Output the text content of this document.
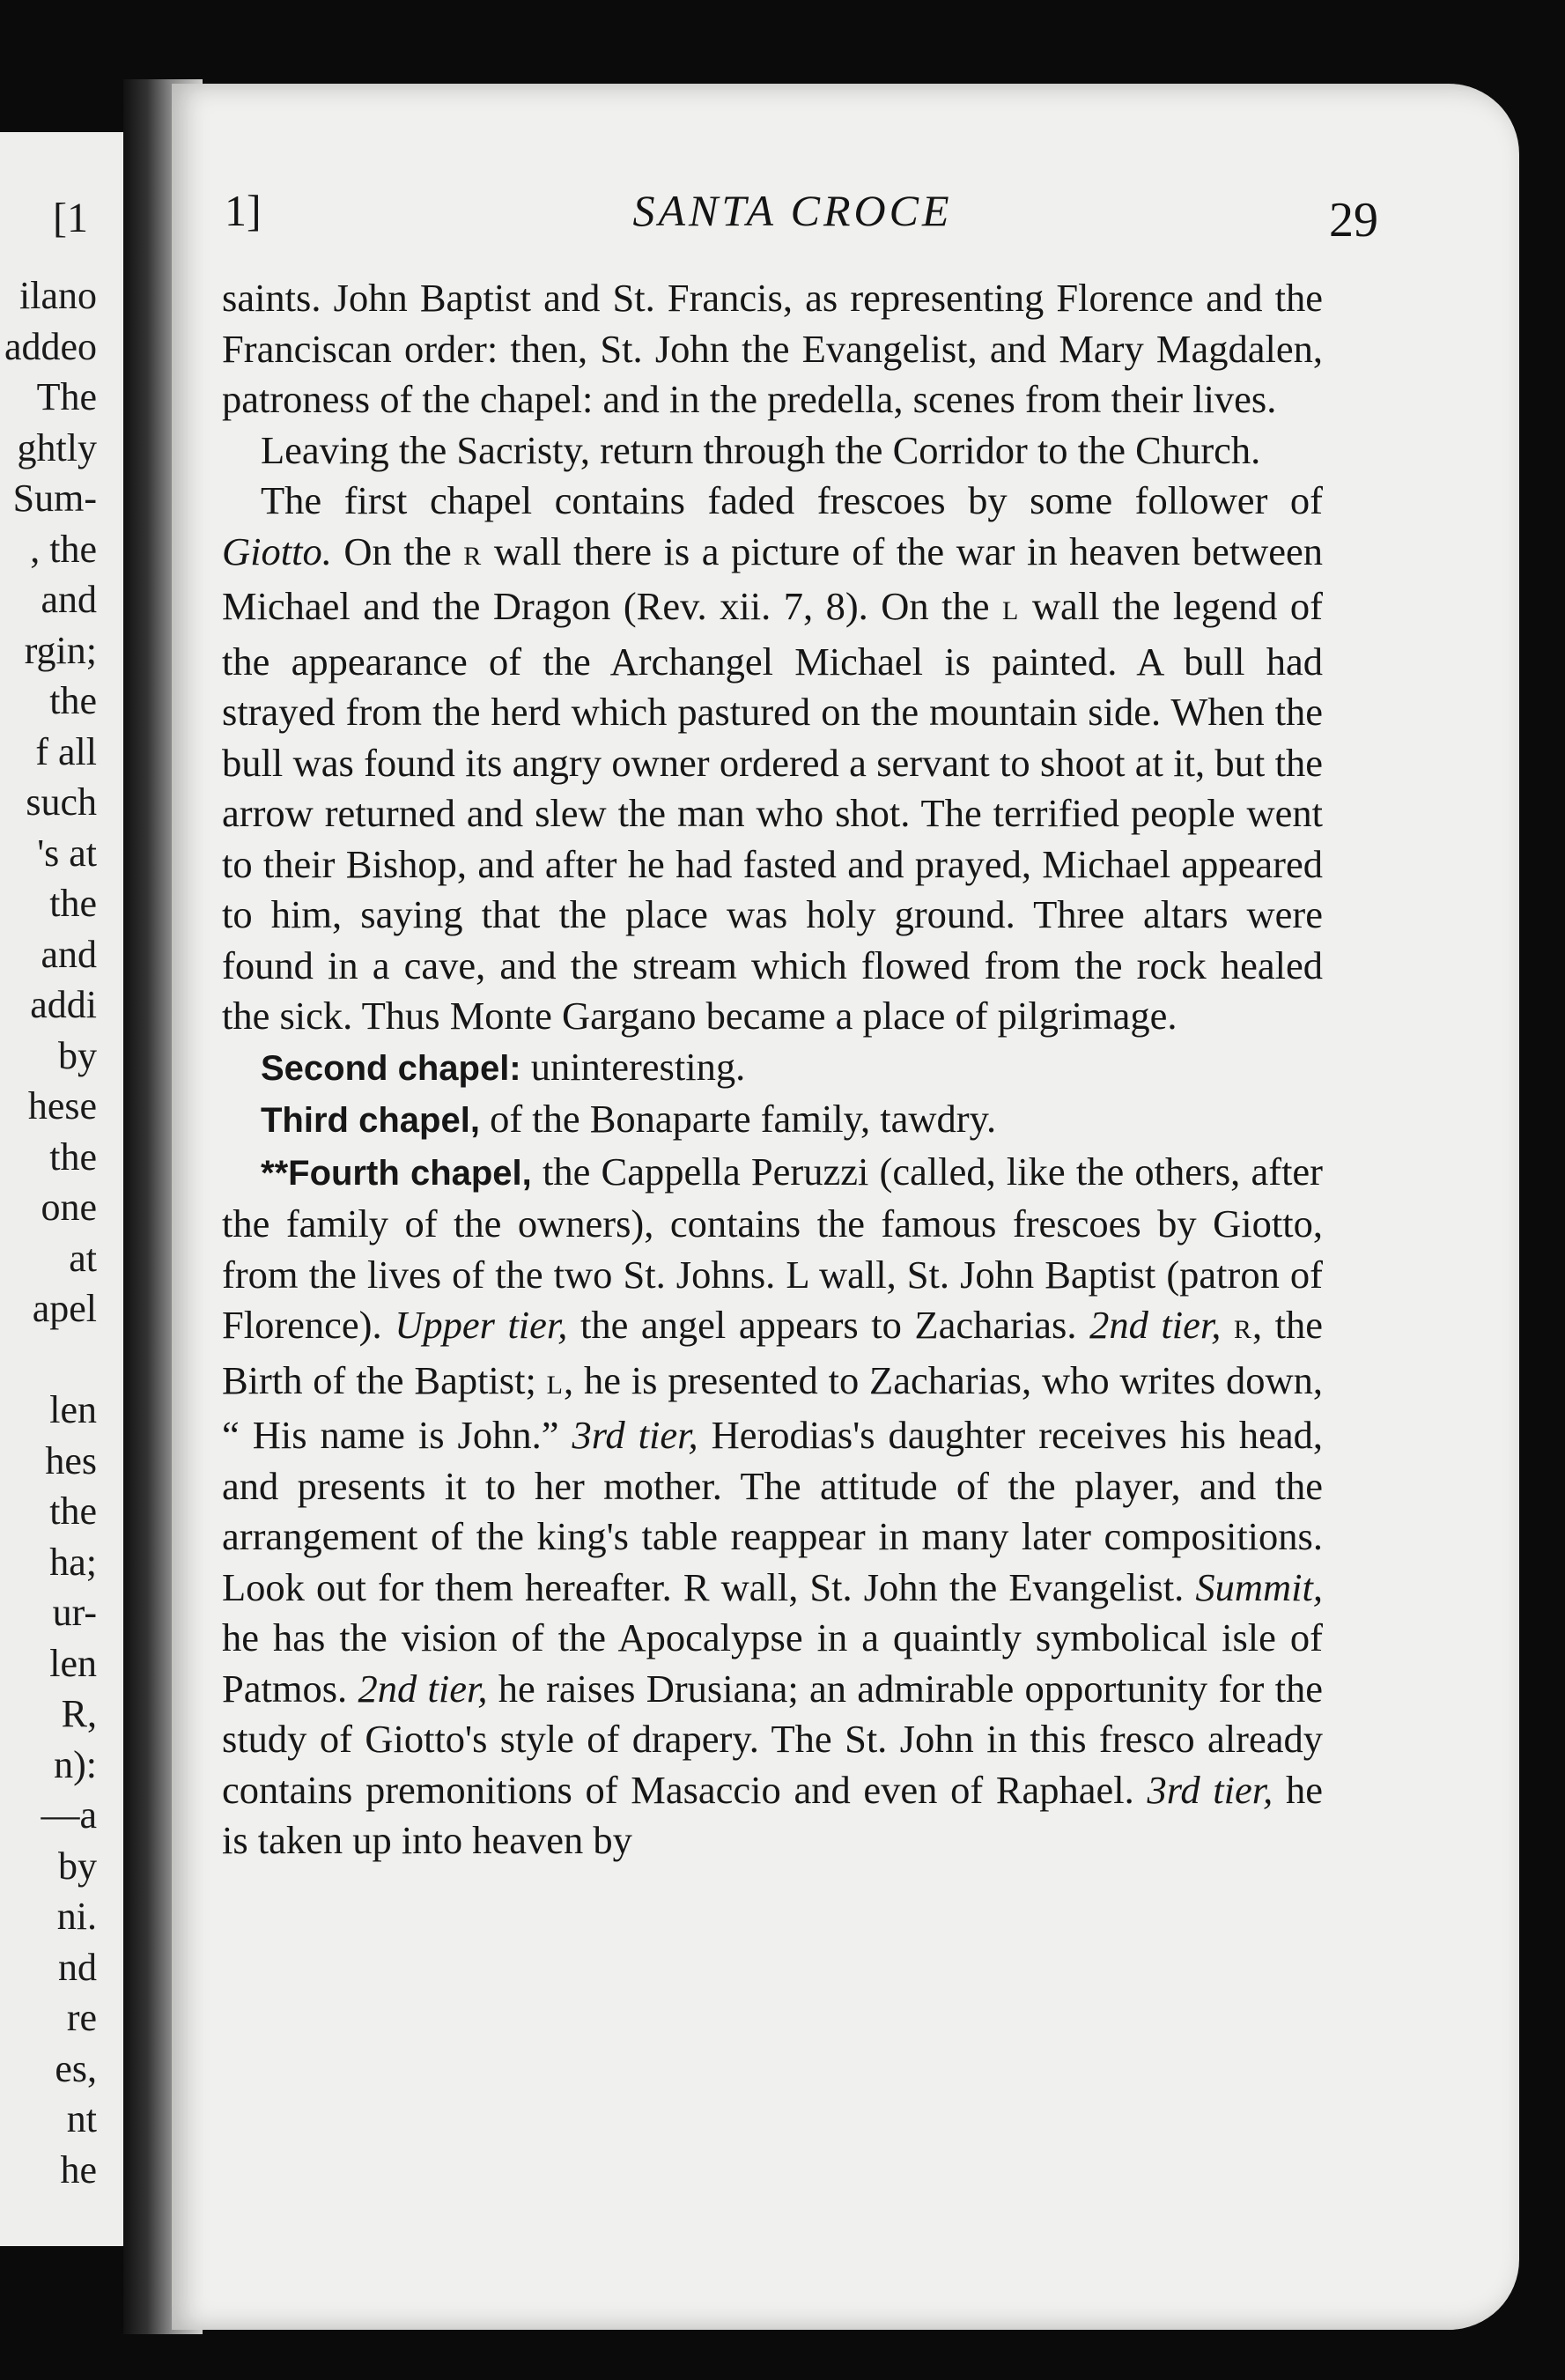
[1
ilano
addeo
The
ghtly
Sum-
, the
and
rgin;
the
f all
such
's at
the
and
addi
by
hese
the
one
at
apel
len
hes
the
ha;
ur-
len
R,
n):
—a
by
ni.
nd
re
es,
nt
he
1]	SANTA CROCE	29

saints. John Baptist and St. Francis, as representing Florence and the Franciscan order: then, St. John the Evangelist, and Mary Magdalen, patroness of the chapel: and in the predella, scenes from their lives.

Leaving the Sacristy, return through the Corridor to the Church.

The first chapel contains faded frescoes by some follower of Giotto. On the R wall there is a picture of the war in heaven between Michael and the Dragon (Rev. xii. 7, 8). On the L wall the legend of the appearance of the Archangel Michael is painted. A bull had strayed from the herd which pastured on the mountain side. When the bull was found its angry owner ordered a servant to shoot at it, but the arrow returned and slew the man who shot. The terrified people went to their Bishop, and after he had fasted and prayed, Michael appeared to him, saying that the place was holy ground. Three altars were found in a cave, and the stream which flowed from the rock healed the sick. Thus Monte Gargano became a place of pilgrimage.

Second chapel: uninteresting.

Third chapel, of the Bonaparte family, tawdry.

**Fourth chapel, the Cappella Peruzzi (called, like the others, after the family of the owners), contains the famous frescoes by Giotto, from the lives of the two St. Johns. L wall, St. John Baptist (patron of Florence). Upper tier, the angel appears to Zacharias. 2nd tier, R, the Birth of the Baptist; L, he is presented to Zacharias, who writes down, “ His name is John.” 3rd tier, Herodias's daughter receives his head, and presents it to her mother. The attitude of the player, and the arrangement of the king's table reappear in many later compositions. Look out for them hereafter. R wall, St. John the Evangelist. Summit, he has the vision of the Apocalypse in a quaintly symbolical isle of Patmos. 2nd tier, he raises Drusiana; an admirable opportunity for the study of Giotto's style of drapery. The St. John in this fresco already contains premonitions of Masaccio and even of Raphael. 3rd tier, he is taken up into heaven by
